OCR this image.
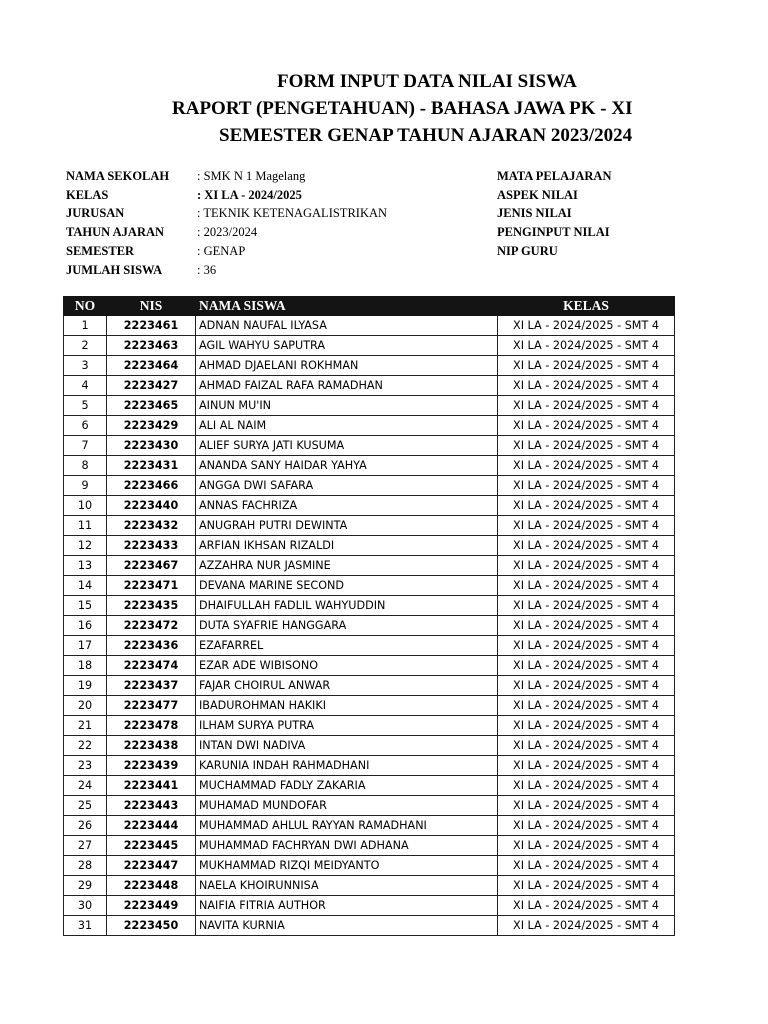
FORM INPUT DATA NILAI SISWA
RAPORT (PENGETAHUAN) - BAHASA JAWA PK - XI
SEMESTER GENAP TAHUN AJARAN 2023/2024
NAMA SEKOLAH	: SMK N 1 Magelang
KELAS	: XI LA - 2024/2025
JURUSAN	: TEKNIK KETENAGALISTRIKAN
TAHUN AJARAN	: 2023/2024
SEMESTER	: GENAP
JUMLAH SISWA	: 36
MATA PELAJARAN
ASPEK NILAI
JENIS NILAI
PENGINPUT NILAI
NIP GURU
NO	NIS	NAMA SISWA	KELAS
1	2223461	ADNAN NAUFAL ILYASA	XI LA - 2024/2025 - SMT 4
2	2223463	AGIL WAHYU SAPUTRA	XI LA - 2024/2025 - SMT 4
3	2223464	AHMAD DJAELANI ROKHMAN	XI LA - 2024/2025 - SMT 4
4	2223427	AHMAD FAIZAL RAFA RAMADHAN	XI LA - 2024/2025 - SMT 4
5	2223465	AINUN MU'IN	XI LA - 2024/2025 - SMT 4
6	2223429	ALI AL NAIM	XI LA - 2024/2025 - SMT 4
7	2223430	ALIEF SURYA JATI KUSUMA	XI LA - 2024/2025 - SMT 4
8	2223431	ANANDA SANY HAIDAR YAHYA	XI LA - 2024/2025 - SMT 4
9	2223466	ANGGA DWI SAFARA	XI LA - 2024/2025 - SMT 4
10	2223440	ANNAS FACHRIZA	XI LA - 2024/2025 - SMT 4
11	2223432	ANUGRAH PUTRI DEWINTA	XI LA - 2024/2025 - SMT 4
12	2223433	ARFIAN IKHSAN RIZALDI	XI LA - 2024/2025 - SMT 4
13	2223467	AZZAHRA NUR JASMINE	XI LA - 2024/2025 - SMT 4
14	2223471	DEVANA MARINE SECOND	XI LA - 2024/2025 - SMT 4
15	2223435	DHAIFULLAH FADLIL WAHYUDDIN	XI LA - 2024/2025 - SMT 4
16	2223472	DUTA SYAFRIE HANGGARA	XI LA - 2024/2025 - SMT 4
17	2223436	EZAFARREL	XI LA - 2024/2025 - SMT 4
18	2223474	EZAR ADE WIBISONO	XI LA - 2024/2025 - SMT 4
19	2223437	FAJAR CHOIRUL ANWAR	XI LA - 2024/2025 - SMT 4
20	2223477	IBADUROHMAN HAKIKI	XI LA - 2024/2025 - SMT 4
21	2223478	ILHAM SURYA PUTRA	XI LA - 2024/2025 - SMT 4
22	2223438	INTAN DWI NADIVA	XI LA - 2024/2025 - SMT 4
23	2223439	KARUNIA INDAH RAHMADHANI	XI LA - 2024/2025 - SMT 4
24	2223441	MUCHAMMAD FADLY ZAKARIA	XI LA - 2024/2025 - SMT 4
25	2223443	MUHAMAD MUNDOFAR	XI LA - 2024/2025 - SMT 4
26	2223444	MUHAMMAD AHLUL RAYYAN RAMADHANI	XI LA - 2024/2025 - SMT 4
27	2223445	MUHAMMAD FACHRYAN DWI ADHANA	XI LA - 2024/2025 - SMT 4
28	2223447	MUKHAMMAD RIZQI MEIDYANTO	XI LA - 2024/2025 - SMT 4
29	2223448	NAELA KHOIRUNNISA	XI LA - 2024/2025 - SMT 4
30	2223449	NAIFIA FITRIA AUTHOR	XI LA - 2024/2025 - SMT 4
31	2223450	NAVITA KURNIA	XI LA - 2024/2025 - SMT 4
